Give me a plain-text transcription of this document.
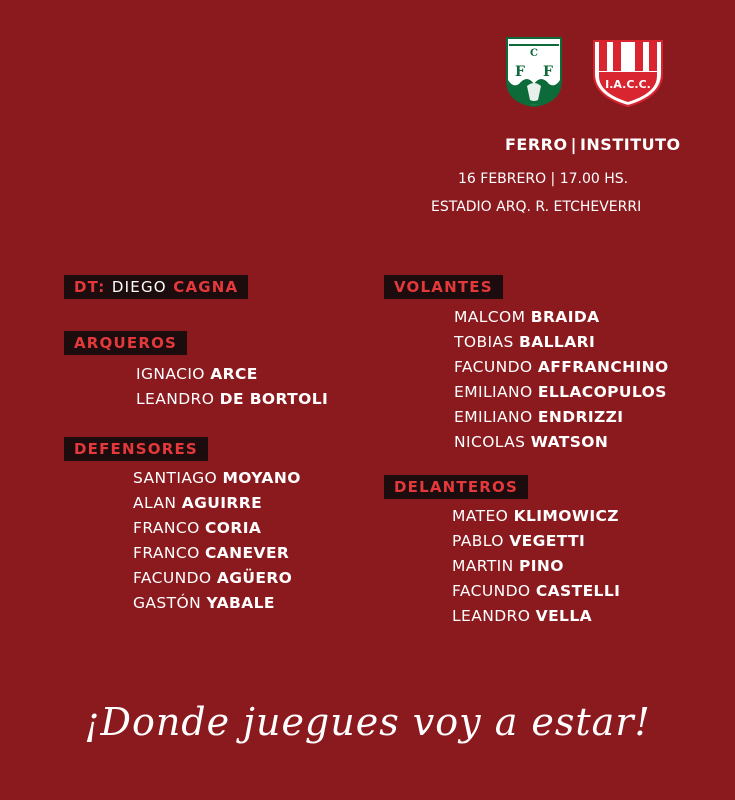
C
F F
I.A.C.C.
FERRO | INSTITUTO
16 FEBRERO | 17.00 HS.
ESTADIO ARQ. R. ETCHEVERRI
DT: DIEGO CAGNA
ARQUEROS
IGNACIO ARCE
LEANDRO DE BORTOLI
DEFENSORES
SANTIAGO MOYANO
ALAN AGUIRRE
FRANCO CORIA
FRANCO CANEVER
FACUNDO AGÜERO
GASTÓN YABALE
VOLANTES
MALCOM BRAIDA
TOBIAS BALLARI
FACUNDO AFFRANCHINO
EMILIANO ELLACOPULOS
EMILIANO ENDRIZZI
NICOLAS WATSON
DELANTEROS
MATEO KLIMOWICZ
PABLO VEGETTI
MARTIN PINO
FACUNDO CASTELLI
LEANDRO VELLA
¡Donde juegues voy a estar!
